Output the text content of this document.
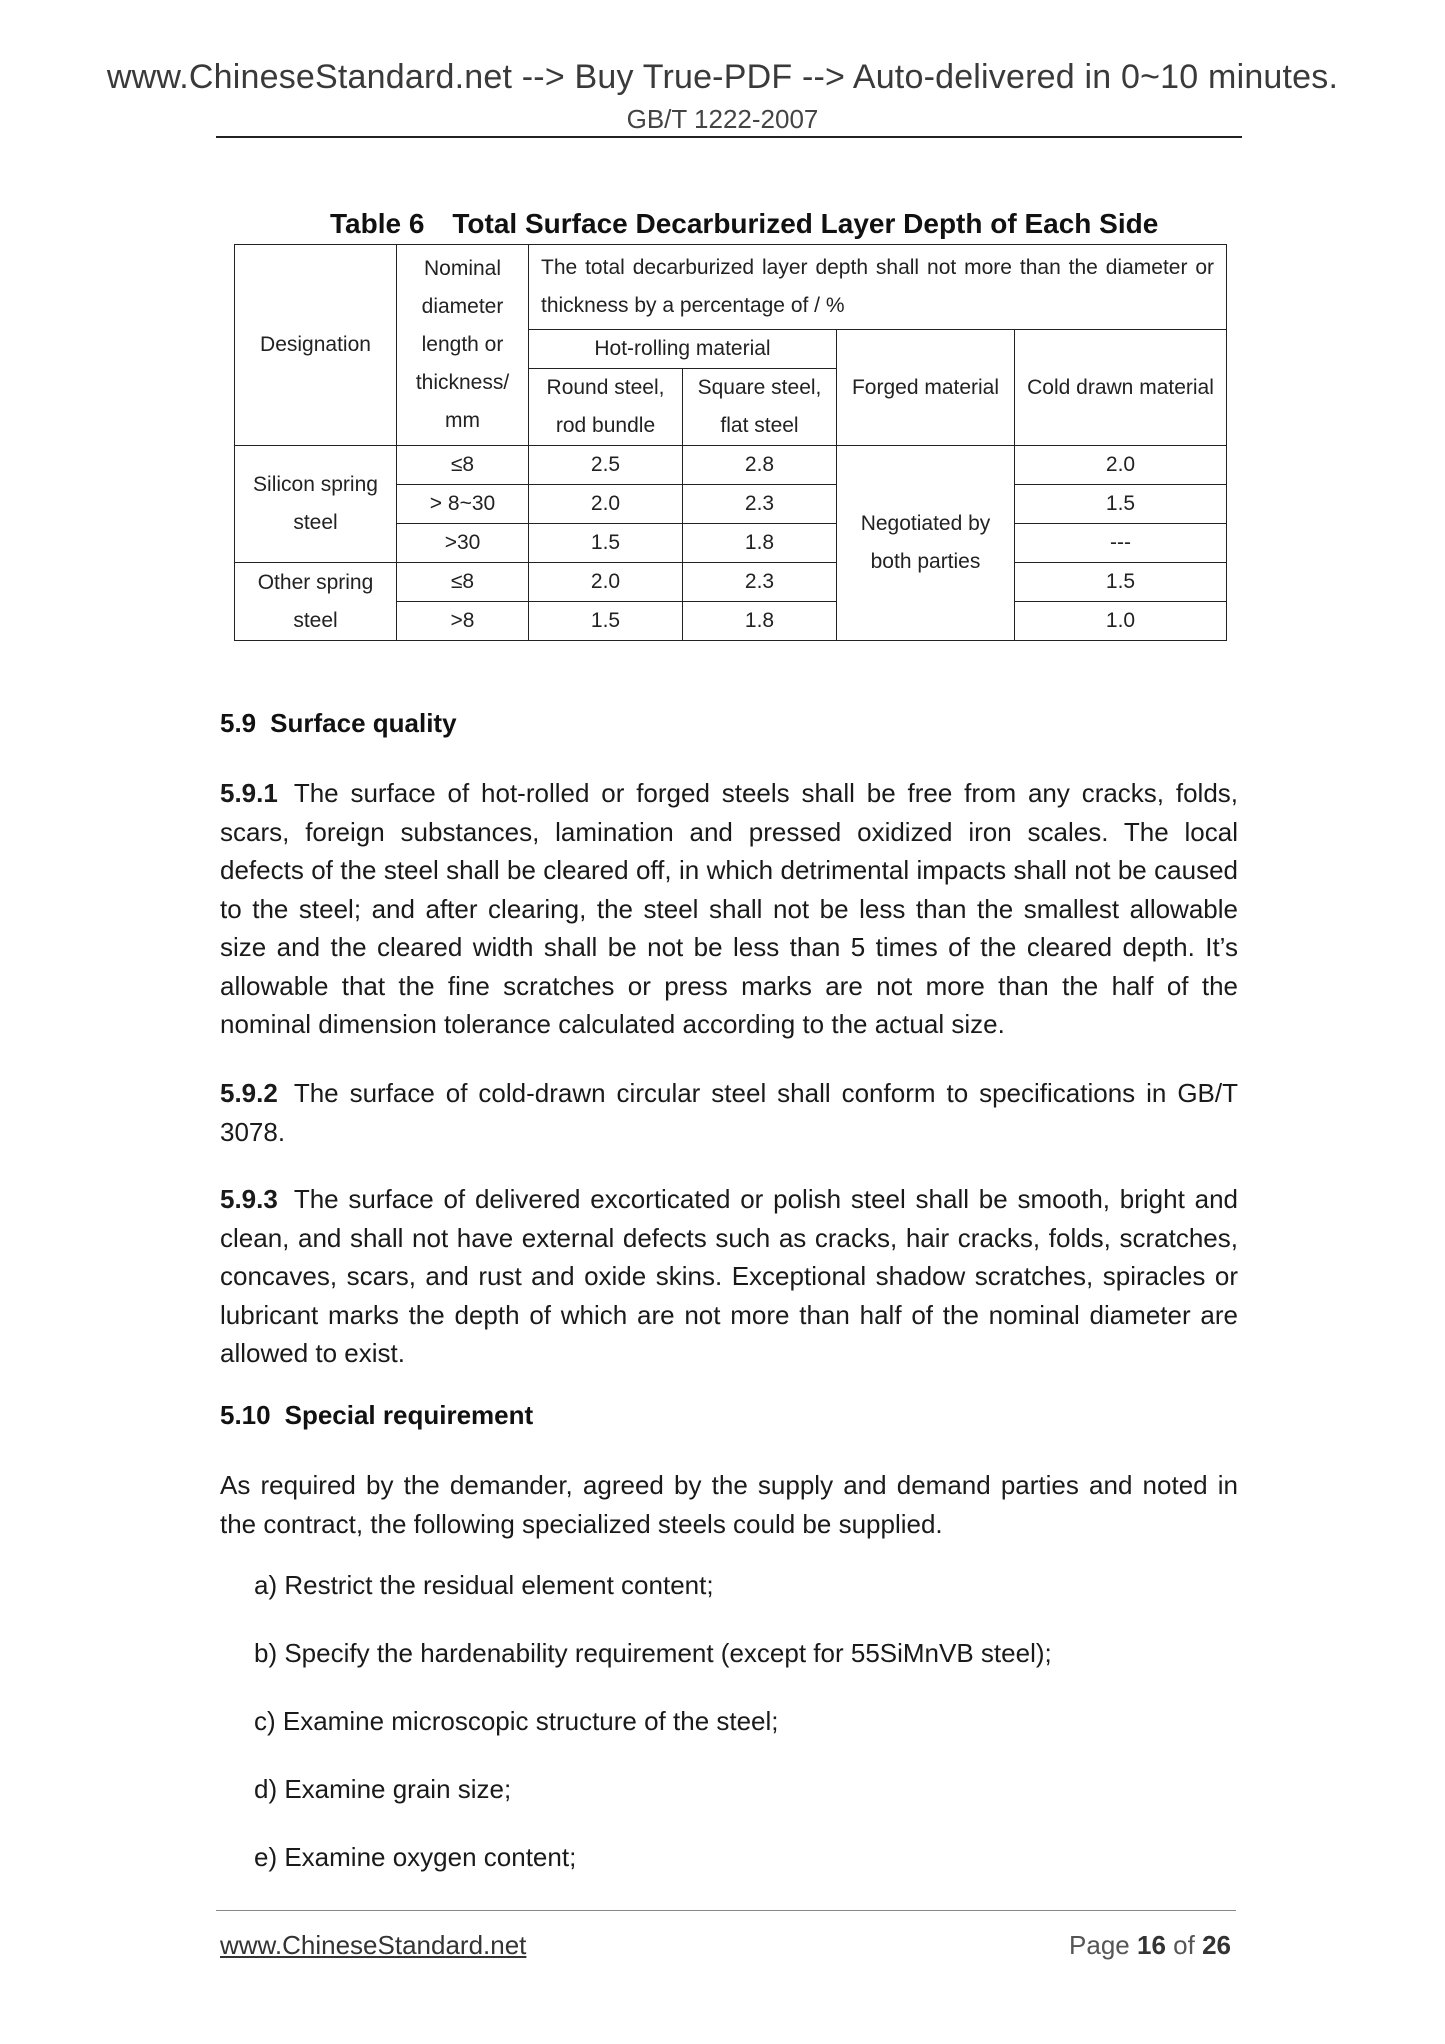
www.ChineseStandard.net --> Buy True-PDF --> Auto-delivered in 0~10 minutes.
GB/T 1222-2007
Table 6 Total Surface Decarburized Layer Depth of Each Side
Designation	Nominal diameter length or thickness/ mm	The total decarburized layer depth shall not more than the diameter or thickness by a percentage of / %			
		Hot-rolling material		Forged material	Cold drawn material
		Round steel, rod bundle	Square steel, flat steel		
Silicon spring steel	≤8	2.5	2.8	Negotiated by both parties	2.0
	> 8~30	2.0	2.3		1.5
	>30	1.5	1.8		---
Other spring steel	≤8	2.0	2.3		1.5
	>8	1.5	1.8		1.0
5.9 Surface quality

5.9.1 The surface of hot-rolled or forged steels shall be free from any cracks, folds, scars, foreign substances, lamination and pressed oxidized iron scales. The local defects of the steel shall be cleared off, in which detrimental impacts shall not be caused to the steel; and after clearing, the steel shall not be less than the smallest allowable size and the cleared width shall be not be less than 5 times of the cleared depth. It’s allowable that the fine scratches or press marks are not more than the half of the nominal dimension tolerance calculated according to the actual size.

5.9.2 The surface of cold-drawn circular steel shall conform to specifications in GB/T 3078.

5.9.3 The surface of delivered excorticated or polish steel shall be smooth, bright and clean, and shall not have external defects such as cracks, hair cracks, folds, scratches, concaves, scars, and rust and oxide skins. Exceptional shadow scratches, spiracles or lubricant marks the depth of which are not more than half of the nominal diameter are allowed to exist.

5.10 Special requirement

As required by the demander, agreed by the supply and demand parties and noted in the contract, the following specialized steels could be supplied.

a) Restrict the residual element content;
b) Specify the hardenability requirement (except for 55SiMnVB steel);
c) Examine microscopic structure of the steel;
d) Examine grain size;
e) Examine oxygen content;
www.ChineseStandard.net	Page 16 of 26
